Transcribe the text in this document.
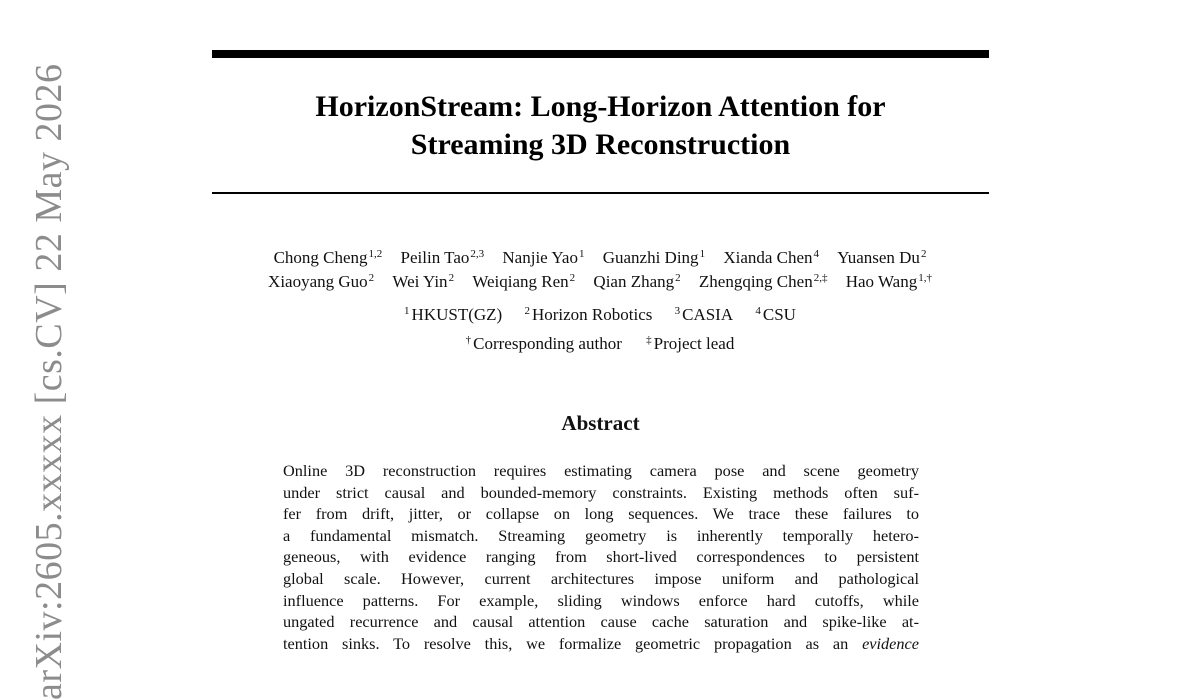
HorizonStream: Long-Horizon Attention for
Streaming 3D Reconstruction
Chong Cheng$^{1,2}$ Peilin Tao$^{2,3}$ Nanjie Yao$^1$ Guanzhi Ding$^1$ Xianda Chen$^4$ Yuansen Du$^2$
Xiaoyang Guo$^2$ Wei Yin$^2$ Weiqiang Ren$^2$ Qian Zhang$^2$ Zhengqing Chen$^{2,\ddagger}$ Hao Wang$^{1,\dagger}$
$^1$ HKUST(GZ) $^2$ Horizon Robotics $^3$ CASIA $^4$ CSU
† Corresponding author ‡ Project lead
Abstract
Online 3D reconstruction requires estimating camera pose and scene geometry
under strict causal and bounded-memory constraints. Existing methods often suf-
fer from drift, jitter, or collapse on long sequences. We trace these failures to
a fundamental mismatch. Streaming geometry is inherently temporally hetero-
geneous, with evidence ranging from short-lived correspondences to persistent
global scale. However, current architectures impose uniform and pathological
influence patterns. For example, sliding windows enforce hard cutoffs, while
ungated recurrence and causal attention cause cache saturation and spike-like at-
tention sinks. To resolve this, we formalize geometric propagation as an evidence
arXiv:2605.xxxxx [cs.CV] 22 May 2026
